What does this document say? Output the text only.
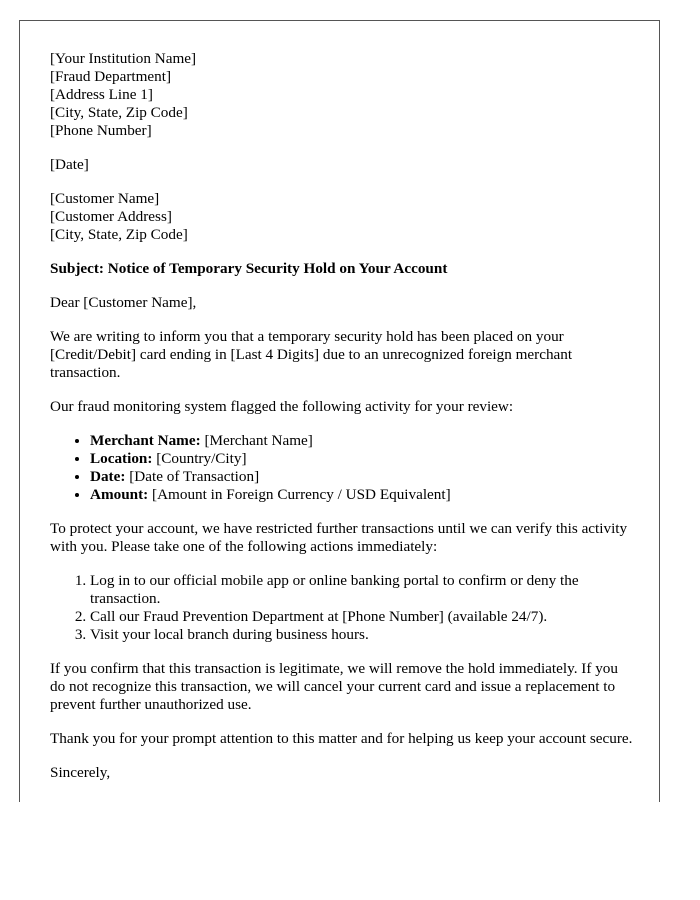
[Your Institution Name]
[Fraud Department]
[Address Line 1]
[City, State, Zip Code]
[Phone Number]

[Date]

[Customer Name]
[Customer Address]
[City, State, Zip Code]

Subject: Notice of Temporary Security Hold on Your Account

Dear [Customer Name],

We are writing to inform you that a temporary security hold has been placed on your [Credit/Debit] card ending in [Last 4 Digits] due to an unrecognized foreign merchant transaction.

Our fraud monitoring system flagged the following activity for your review:

• Merchant Name: [Merchant Name]
• Location: [Country/City]
• Date: [Date of Transaction]
• Amount: [Amount in Foreign Currency / USD Equivalent]

To protect your account, we have restricted further transactions until we can verify this activity with you. Please take one of the following actions immediately:

1. Log in to our official mobile app or online banking portal to confirm or deny the transaction.
2. Call our Fraud Prevention Department at [Phone Number] (available 24/7).
3. Visit your local branch during business hours.

If you confirm that this transaction is legitimate, we will remove the hold immediately. If you do not recognize this transaction, we will cancel your current card and issue a replacement to prevent further unauthorized use.

Thank you for your prompt attention to this matter and for helping us keep your account secure.

Sincerely,
